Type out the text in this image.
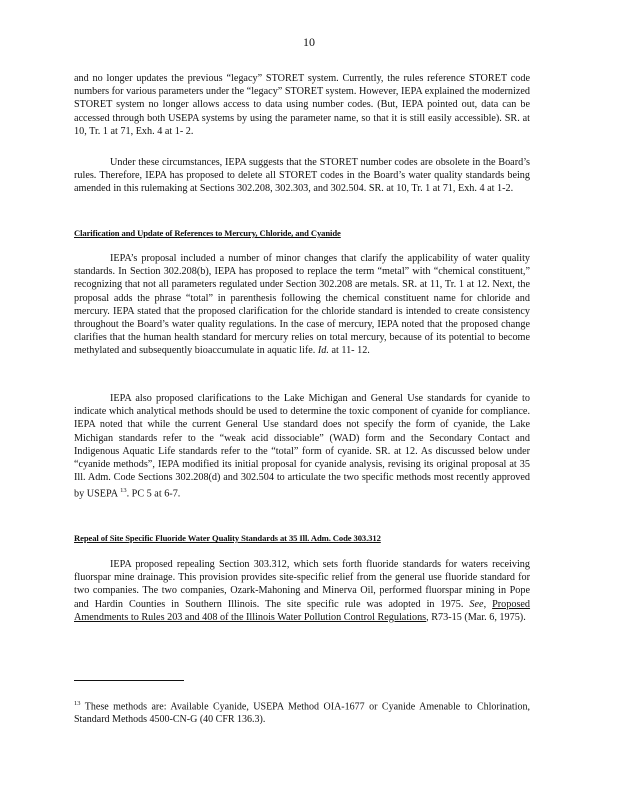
10
and no longer updates the previous “legacy” STORET system. Currently, the rules reference STORET code numbers for various parameters under the “legacy” STORET system. However, IEPA explained the modernized STORET system no longer allows access to data using number codes. (But, IEPA pointed out, data can be accessed through both USEPA systems by using the parameter name, so that it is still easily accessible). SR. at 10, Tr. 1 at 71, Exh. 4 at 1- 2.
Under these circumstances, IEPA suggests that the STORET number codes are obsolete in the Board’s rules. Therefore, IEPA has proposed to delete all STORET codes in the Board’s water quality standards being amended in this rulemaking at Sections 302.208, 302.303, and 302.504. SR. at 10, Tr. 1 at 71, Exh. 4 at 1-2.
Clarification and Update of References to Mercury, Chloride, and Cyanide
IEPA’s proposal included a number of minor changes that clarify the applicability of water quality standards. In Section 302.208(b), IEPA has proposed to replace the term “metal” with “chemical constituent,” recognizing that not all parameters regulated under Section 302.208 are metals. SR. at 11, Tr. 1 at 12. Next, the proposal adds the phrase “total” in parenthesis following the chemical constituent name for chloride and mercury. IEPA stated that the proposed clarification for the chloride standard is intended to create consistency throughout the Board’s water quality regulations. In the case of mercury, IEPA noted that the proposed change clarifies that the human health standard for mercury relies on total mercury, because of its potential to become methylated and subsequently bioaccumulate in aquatic life. Id. at 11- 12.
IEPA also proposed clarifications to the Lake Michigan and General Use standards for cyanide to indicate which analytical methods should be used to determine the toxic component of cyanide for compliance. IEPA noted that while the current General Use standard does not specify the form of cyanide, the Lake Michigan standards refer to the “weak acid dissociable” (WAD) form and the Secondary Contact and Indigenous Aquatic Life standards refer to the “total” form of cyanide. SR. at 12. As discussed below under “cyanide methods”, IEPA modified its initial proposal for cyanide analysis, revising its original proposal at 35 Ill. Adm. Code Sections 302.208(d) and 302.504 to articulate the two specific methods most recently approved by USEPA $^{13}$. PC 5 at 6-7.
Repeal of Site Specific Fluoride Water Quality Standards at 35 Ill. Adm. Code 303.312
IEPA proposed repealing Section 303.312, which sets forth fluoride standards for waters receiving fluorspar mine drainage. This provision provides site-specific relief from the general use fluoride standard for two companies. The two companies, Ozark-Mahoning and Minerva Oil, performed fluorspar mining in Pope and Hardin Counties in Southern Illinois. The site specific rule was adopted in 1975. See, Proposed Amendments to Rules 203 and 408 of the Illinois Water Pollution Control Regulations, R73-15 (Mar. 6, 1975).
$^{13}$ These methods are: Available Cyanide, USEPA Method OIA-1677 or Cyanide Amenable to Chlorination, Standard Methods 4500-CN-G (40 CFR 136.3).
